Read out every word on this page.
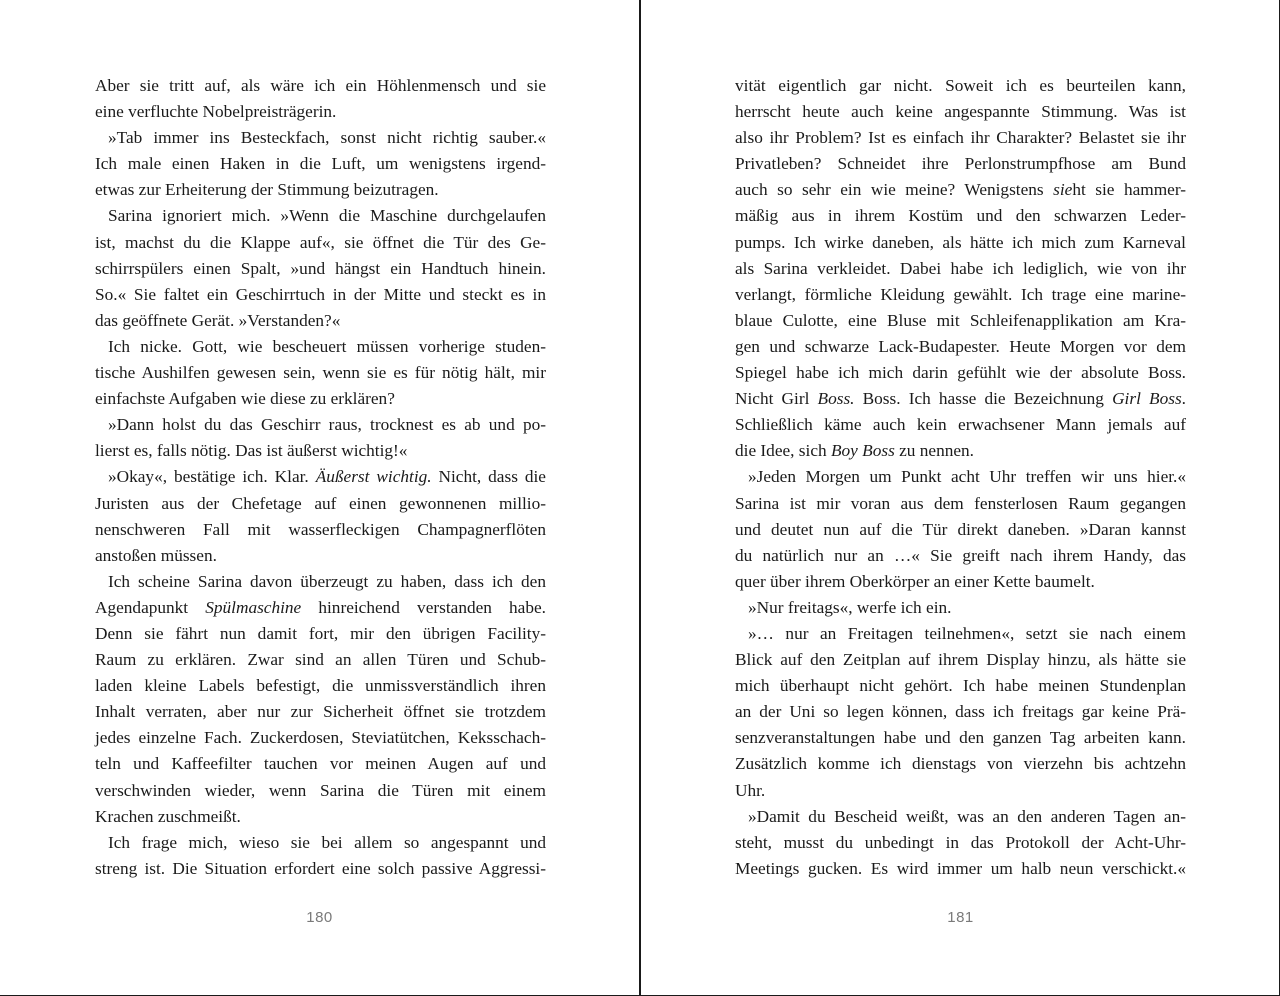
Aber sie tritt auf, als wäre ich ein Höhlenmensch und sie
eine verfluchte Nobelpreisträgerin.
»Tab immer ins Besteckfach, sonst nicht richtig sauber.«
Ich male einen Haken in die Luft, um wenigstens irgend-
etwas zur Erheiterung der Stimmung beizutragen.
Sarina ignoriert mich. »Wenn die Maschine durchgelaufen
ist, machst du die Klappe auf«, sie öffnet die Tür des Ge-
schirrspülers einen Spalt, »und hängst ein Handtuch hinein.
So.« Sie faltet ein Geschirrtuch in der Mitte und steckt es in
das geöffnete Gerät. »Verstanden?«
Ich nicke. Gott, wie bescheuert müssen vorherige studen-
tische Aushilfen gewesen sein, wenn sie es für nötig hält, mir
einfachste Aufgaben wie diese zu erklären?
»Dann holst du das Geschirr raus, trocknest es ab und po-
lierst es, falls nötig. Das ist äußerst wichtig!«
»Okay«, bestätige ich. Klar. Äußerst wichtig. Nicht, dass die
Juristen aus der Chefetage auf einen gewonnenen millio-
nenschweren Fall mit wasserfleckigen Champagnerflöten
anstoßen müssen.
Ich scheine Sarina davon überzeugt zu haben, dass ich den
Agendapunkt Spülmaschine hinreichend verstanden habe.
Denn sie fährt nun damit fort, mir den übrigen Facility-
Raum zu erklären. Zwar sind an allen Türen und Schub-
laden kleine Labels befestigt, die unmissverständlich ihren
Inhalt verraten, aber nur zur Sicherheit öffnet sie trotzdem
jedes einzelne Fach. Zuckerdosen, Steviatütchen, Keksschach-
teln und Kaffeefilter tauchen vor meinen Augen auf und
verschwinden wieder, wenn Sarina die Türen mit einem
Krachen zuschmeißt.
Ich frage mich, wieso sie bei allem so angespannt und
streng ist. Die Situation erfordert eine solch passive Aggressi-
180
vität eigentlich gar nicht. Soweit ich es beurteilen kann,
herrscht heute auch keine angespannte Stimmung. Was ist
also ihr Problem? Ist es einfach ihr Charakter? Belastet sie ihr
Privatleben? Schneidet ihre Perlonstrumpfhose am Bund
auch so sehr ein wie meine? Wenigstens sieht sie hammer-
mäßig aus in ihrem Kostüm und den schwarzen Leder-
pumps. Ich wirke daneben, als hätte ich mich zum Karneval
als Sarina verkleidet. Dabei habe ich lediglich, wie von ihr
verlangt, förmliche Kleidung gewählt. Ich trage eine marine-
blaue Culotte, eine Bluse mit Schleifenapplikation am Kra-
gen und schwarze Lack-Budapester. Heute Morgen vor dem
Spiegel habe ich mich darin gefühlt wie der absolute Boss.
Nicht Girl Boss. Boss. Ich hasse die Bezeichnung Girl Boss.
Schließlich käme auch kein erwachsener Mann jemals auf
die Idee, sich Boy Boss zu nennen.
»Jeden Morgen um Punkt acht Uhr treffen wir uns hier.«
Sarina ist mir voran aus dem fensterlosen Raum gegangen
und deutet nun auf die Tür direkt daneben. »Daran kannst
du natürlich nur an …« Sie greift nach ihrem Handy, das
quer über ihrem Oberkörper an einer Kette baumelt.
»Nur freitags«, werfe ich ein.
»… nur an Freitagen teilnehmen«, setzt sie nach einem
Blick auf den Zeitplan auf ihrem Display hinzu, als hätte sie
mich überhaupt nicht gehört. Ich habe meinen Stundenplan
an der Uni so legen können, dass ich freitags gar keine Prä-
senzveranstaltungen habe und den ganzen Tag arbeiten kann.
Zusätzlich komme ich dienstags von vierzehn bis achtzehn
Uhr.
»Damit du Bescheid weißt, was an den anderen Tagen an-
steht, musst du unbedingt in das Protokoll der Acht-Uhr-
Meetings gucken. Es wird immer um halb neun verschickt.«
181
